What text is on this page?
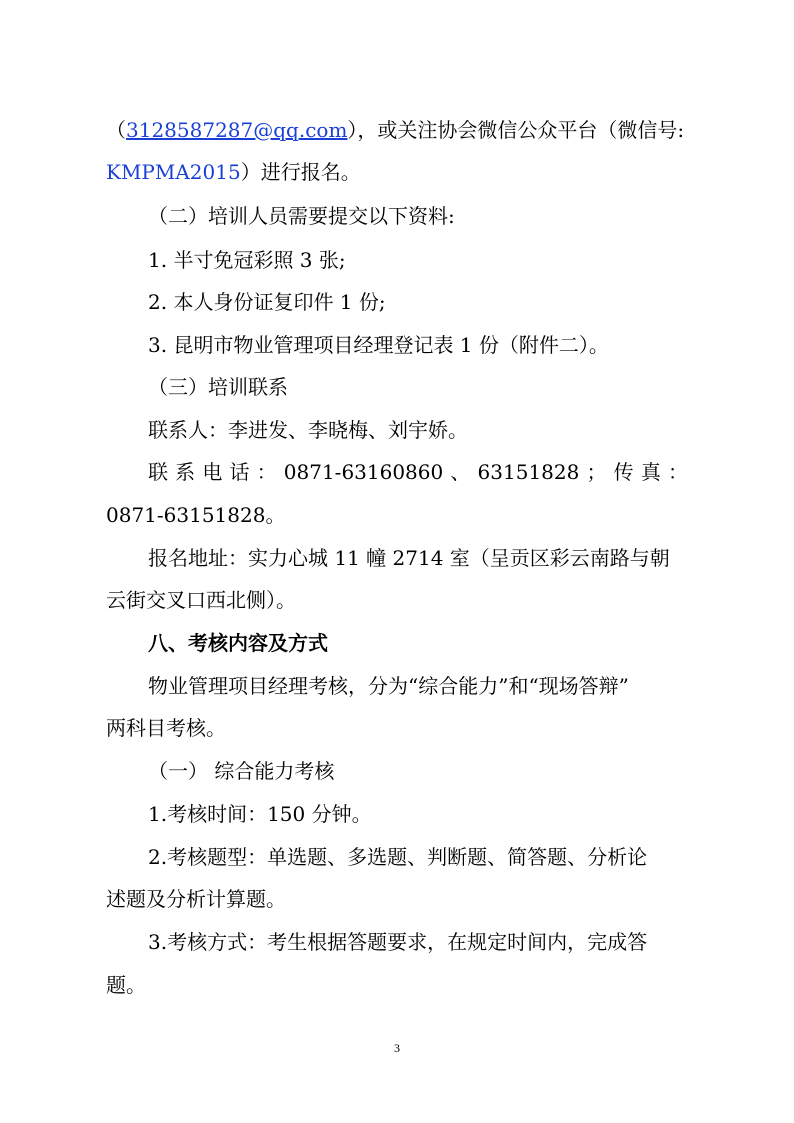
（3128587287@qq.com），或关注协会微信公众平台（微信号:
KMPMA2015）进行报名。
（二）培训人员需要提交以下资料:
1. 半寸免冠彩照 3 张;
2. 本人身份证复印件 1 份;
3. 昆明市物业管理项目经理登记表 1 份（附件二）。
（三）培训联系
联系人：李进发、李晓梅、刘宇娇。
联 系 电 话 ： 0871-63160860 、 63151828 ； 传 真 ：
0871-63151828。
报名地址：实力心城 11 幢 2714 室（呈贡区彩云南路与朝
云街交叉口西北侧）。
八、考核内容及方式
物业管理项目经理考核，分为“综合能力”和“现场答辩”
两科目考核。
（一） 综合能力考核
1.考核时间：150 分钟。
2.考核题型：单选题、多选题、判断题、简答题、分析论
述题及分析计算题。
3.考核方式：考生根据答题要求，在规定时间内，完成答
题。
3
